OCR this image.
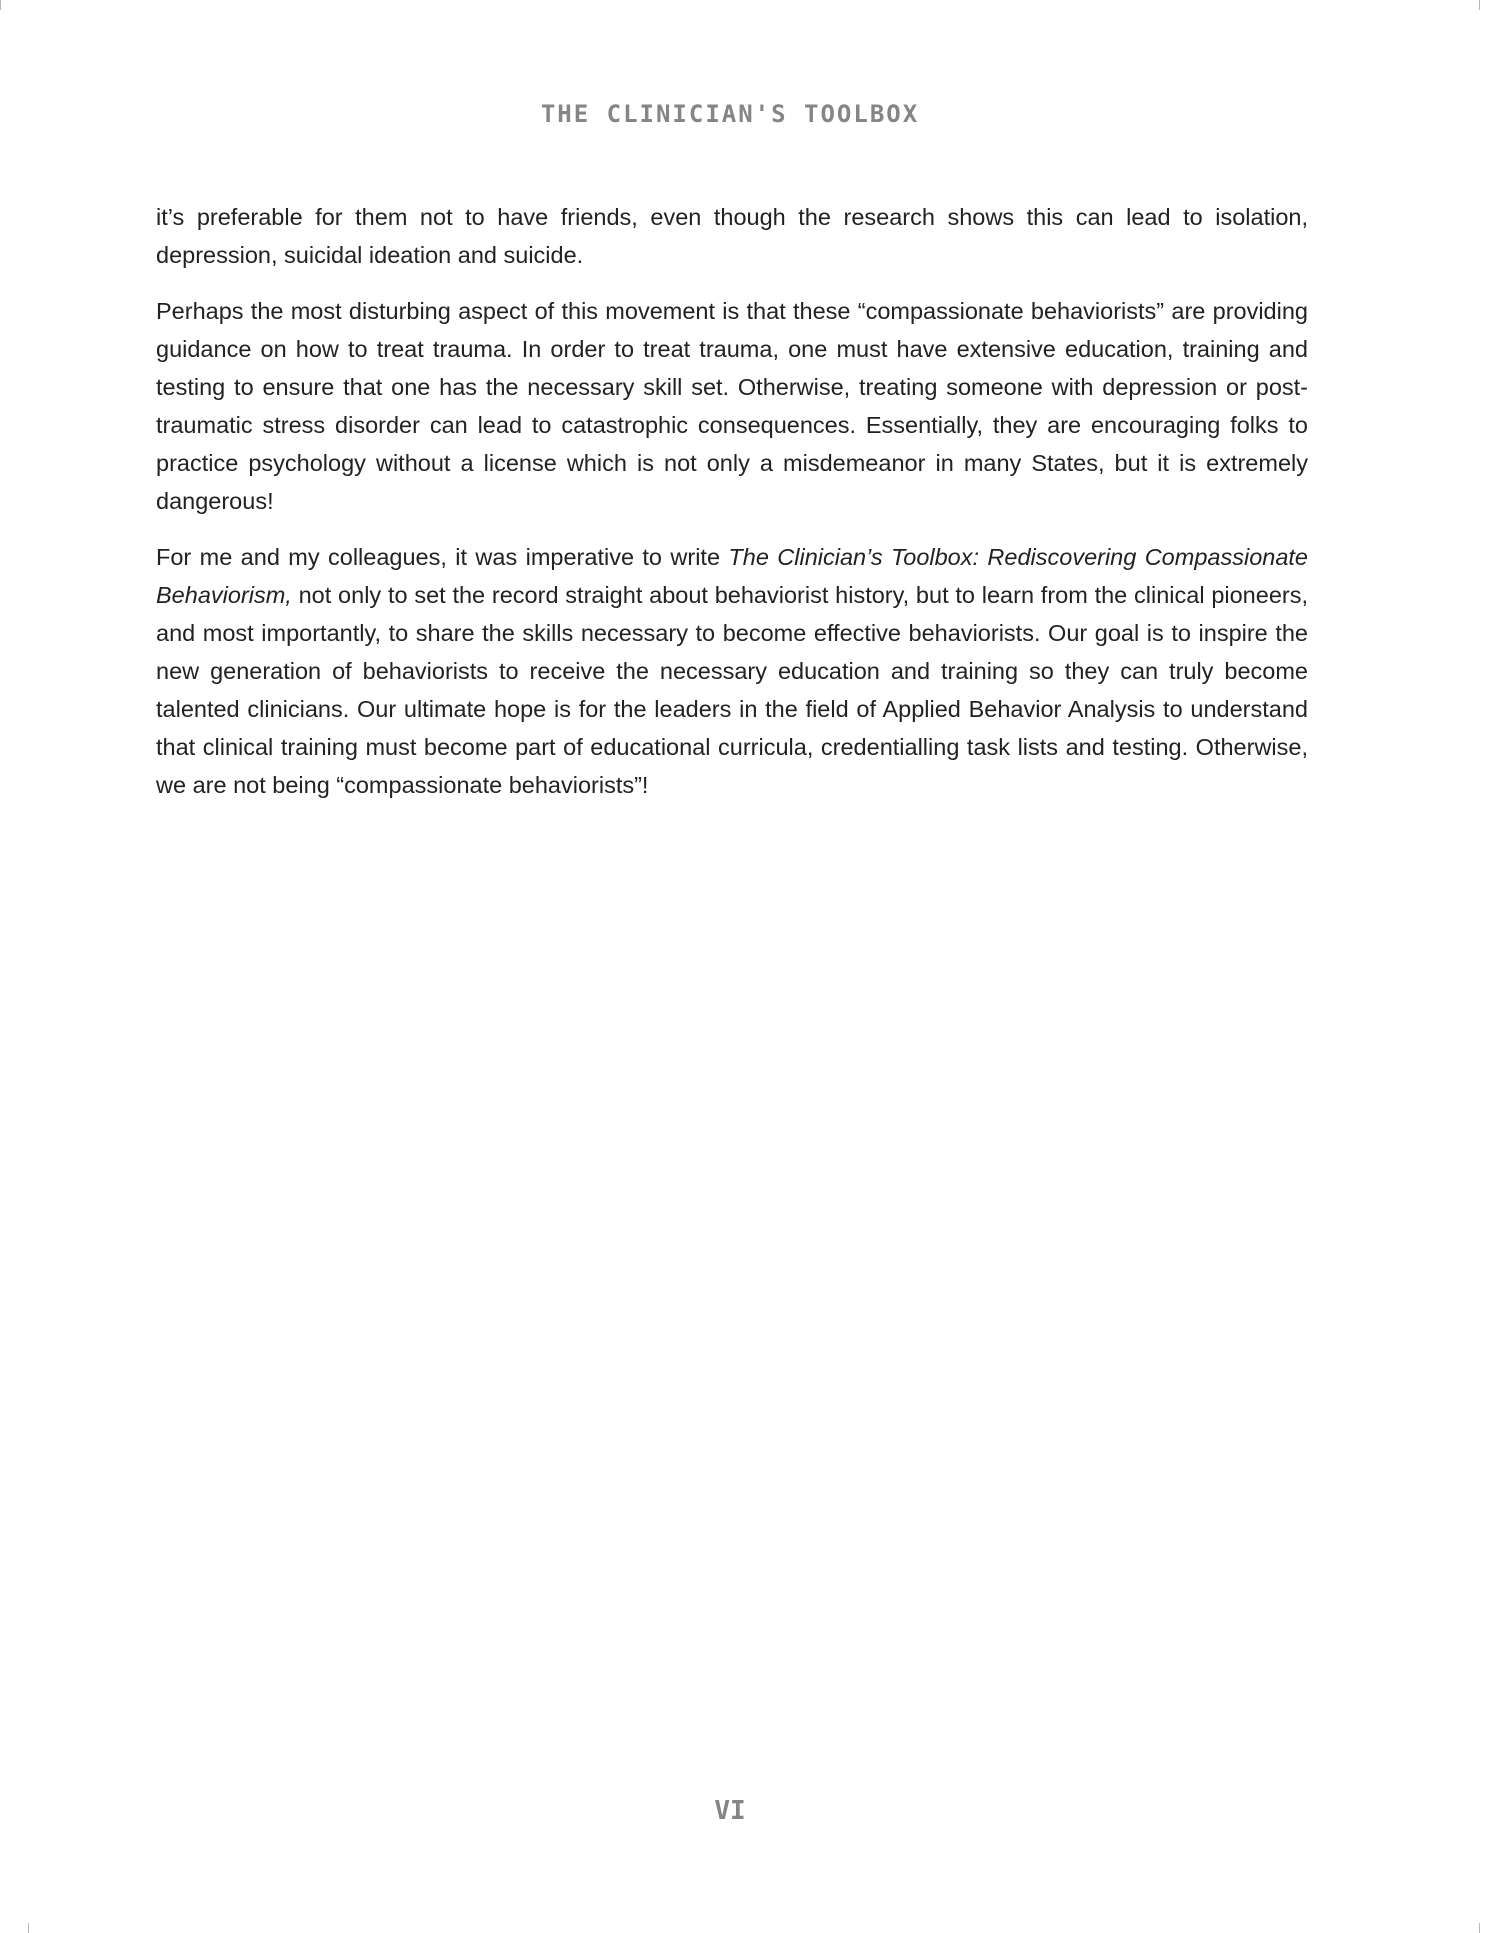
THE CLINICIAN'S TOOLBOX

it’s preferable for them not to have friends, even though the research shows this can lead to isolation, depression, suicidal ideation and suicide.

Perhaps the most disturbing aspect of this movement is that these “compassionate behaviorists” are providing guidance on how to treat trauma. In order to treat trauma, one must have extensive education, training and testing to ensure that one has the necessary skill set. Otherwise, treating someone with depression or post-traumatic stress disorder can lead to catastrophic consequences. Essentially, they are encouraging folks to practice psychology without a license which is not only a misdemeanor in many States, but it is extremely dangerous!

For me and my colleagues, it was imperative to write The Clinician’s Toolbox: Rediscovering Compassionate Behaviorism, not only to set the record straight about behaviorist history, but to learn from the clinical pioneers, and most importantly, to share the skills necessary to become effective behaviorists. Our goal is to inspire the new generation of behaviorists to receive the necessary education and training so they can truly become talented clinicians. Our ultimate hope is for the leaders in the field of Applied Behavior Analysis to understand that clinical training must become part of educational curricula, credentialling task lists and testing. Otherwise, we are not being “compassionate behaviorists”!

VI
